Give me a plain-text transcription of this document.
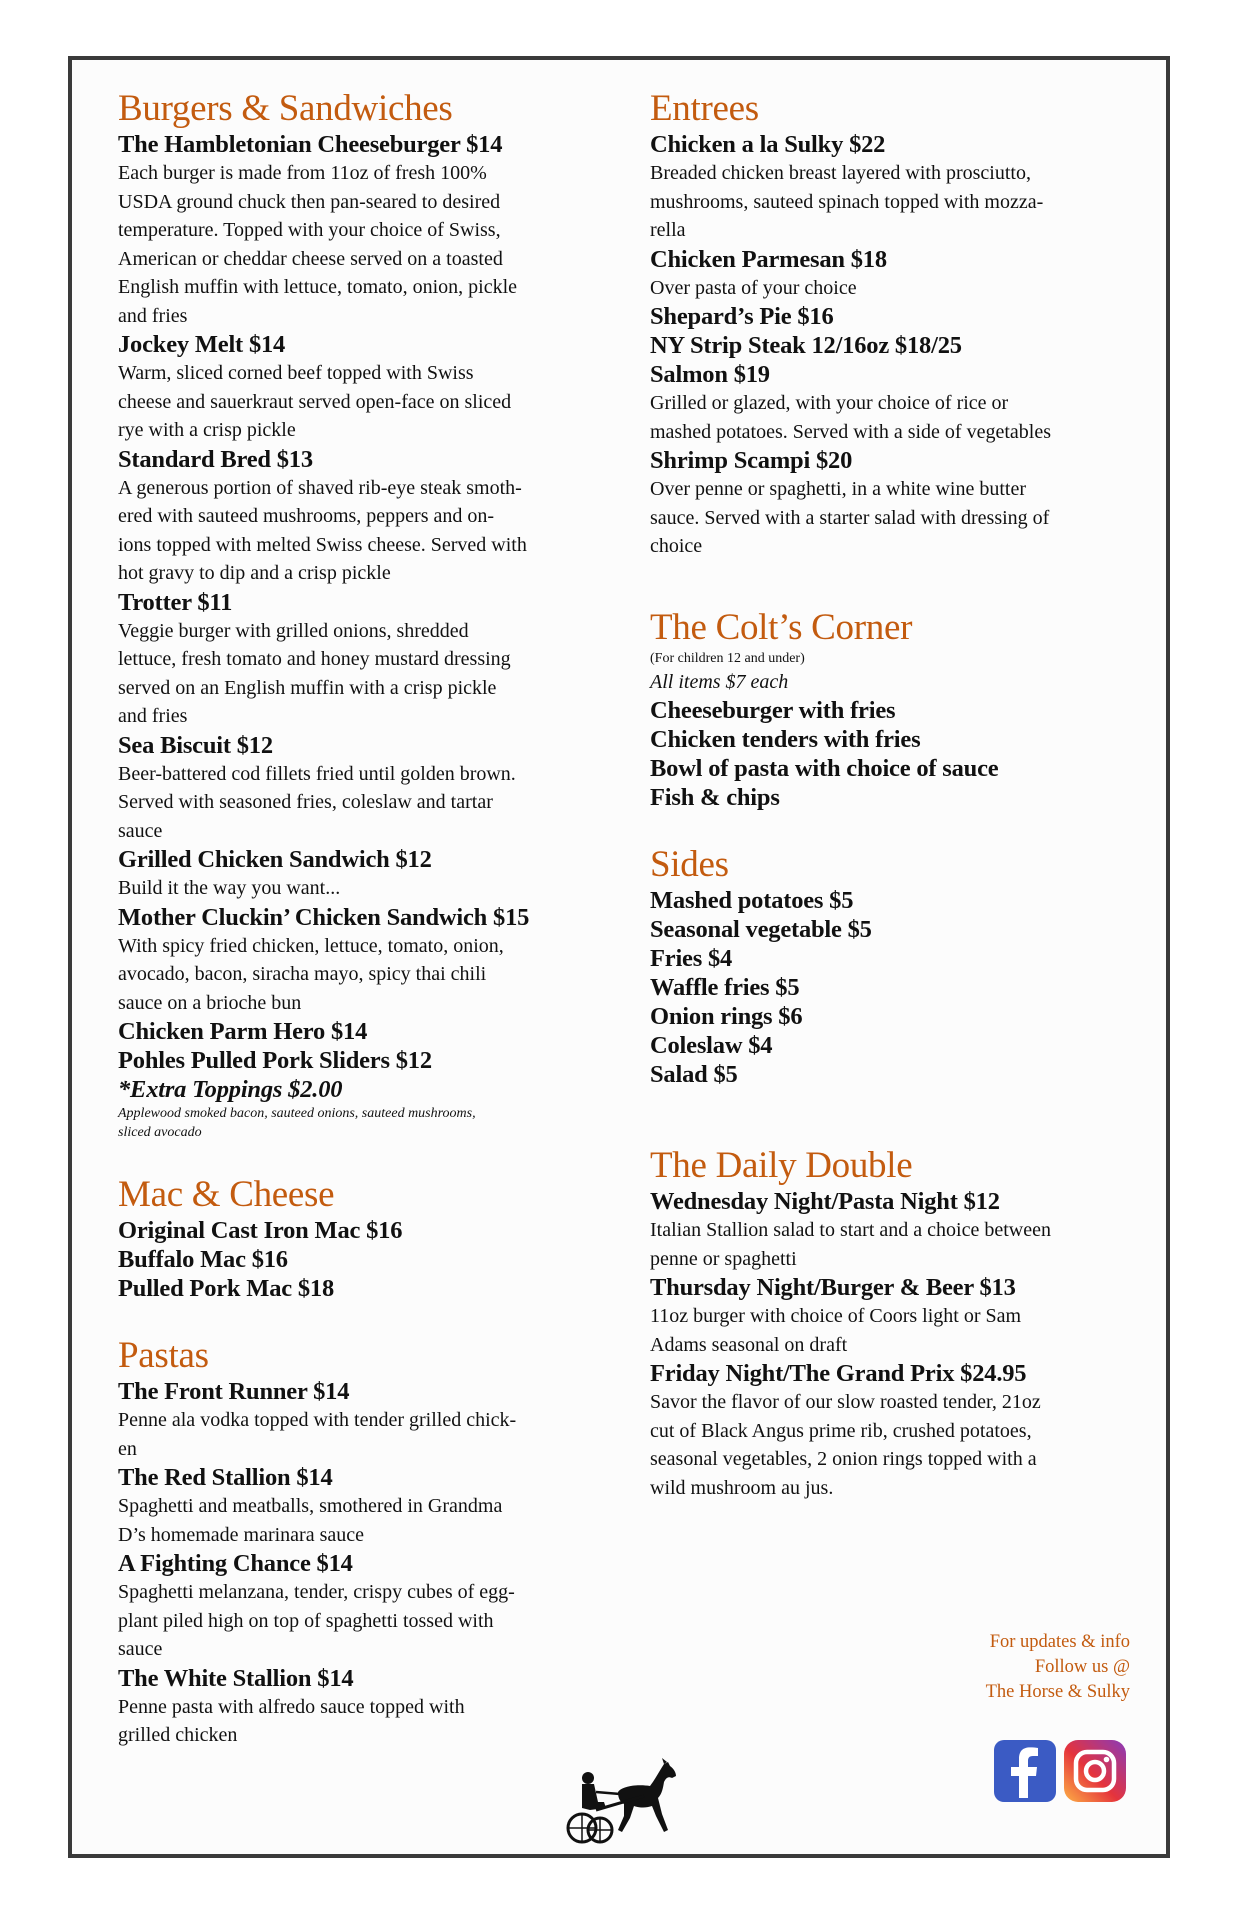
Burgers & Sandwiches
The Hambletonian Cheeseburger $14
Each burger is made from 11oz of fresh 100%
USDA ground chuck then pan-seared to desired
temperature. Topped with your choice of Swiss,
American or cheddar cheese served on a toasted
English muffin with lettuce, tomato, onion, pickle
and fries
Jockey Melt $14
Warm, sliced corned beef topped with Swiss
cheese and sauerkraut served open-face on sliced
rye with a crisp pickle
Standard Bred $13
A generous portion of shaved rib-eye steak smoth-
ered with sauteed mushrooms, peppers and on-
ions topped with melted Swiss cheese. Served with
hot gravy to dip and a crisp pickle
Trotter $11
Veggie burger with grilled onions, shredded
lettuce, fresh tomato and honey mustard dressing
served on an English muffin with a crisp pickle
and fries
Sea Biscuit $12
Beer-battered cod fillets fried until golden brown.
Served with seasoned fries, coleslaw and tartar
sauce
Grilled Chicken Sandwich $12
Build it the way you want...
Mother Cluckin’ Chicken Sandwich $15
With spicy fried chicken, lettuce, tomato, onion,
avocado, bacon, siracha mayo, spicy thai chili
sauce on a brioche bun
Chicken Parm Hero $14
Pohles Pulled Pork Sliders $12
*Extra Toppings $2.00
Applewood smoked bacon, sauteed onions, sauteed mushrooms,
sliced avocado
Mac & Cheese
Original Cast Iron Mac $16
Buffalo Mac $16
Pulled Pork Mac $18
Pastas
The Front Runner $14
Penne ala vodka topped with tender grilled chick-
en
The Red Stallion $14
Spaghetti and meatballs, smothered in Grandma
D’s homemade marinara sauce
A Fighting Chance $14
Spaghetti melanzana, tender, crispy cubes of egg-
plant piled high on top of spaghetti tossed with
sauce
The White Stallion $14
Penne pasta with alfredo sauce topped with
grilled chicken
Entrees
Chicken a la Sulky $22
Breaded chicken breast layered with prosciutto,
mushrooms, sauteed spinach topped with mozza-
rella
Chicken Parmesan $18
Over pasta of your choice
Shepard’s Pie $16
NY Strip Steak 12/16oz $18/25
Salmon $19
Grilled or glazed, with your choice of rice or
mashed potatoes. Served with a side of vegetables
Shrimp Scampi $20
Over penne or spaghetti, in a white wine butter
sauce. Served with a starter salad with dressing of
choice
The Colt’s Corner
(For children 12 and under)
All items $7 each
Cheeseburger with fries
Chicken tenders with fries
Bowl of pasta with choice of sauce
Fish & chips
Sides
Mashed potatoes $5
Seasonal vegetable $5
Fries $4
Waffle fries $5
Onion rings $6
Coleslaw $4
Salad $5
The Daily Double
Wednesday Night/Pasta Night $12
Italian Stallion salad to start and a choice between
penne or spaghetti
Thursday Night/Burger & Beer $13
11oz burger with choice of Coors light or Sam
Adams seasonal on draft
Friday Night/The Grand Prix $24.95
Savor the flavor of our slow roasted tender, 21oz
cut of Black Angus prime rib, crushed potatoes,
seasonal vegetables, 2 onion rings topped with a
wild mushroom au jus.
For updates & info
Follow us @
The Horse & Sulky
